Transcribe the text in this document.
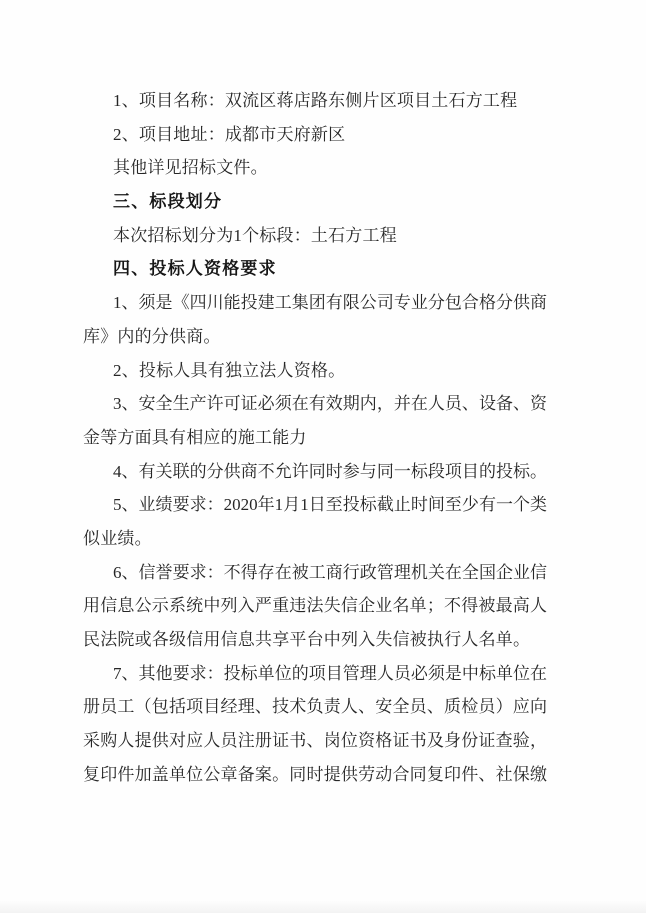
1、项目名称：双流区蒋店路东侧片区项目土石方工程
2、项目地址：成都市天府新区
其他详见招标文件。
三、标段划分
本次招标划分为1个标段：土石方工程
四、投标人资格要求
1、须是《四川能投建工集团有限公司专业分包合格分供商
库》内的分供商。
2、投标人具有独立法人资格。
3、安全生产许可证必须在有效期内，并在人员、设备、资
金等方面具有相应的施工能力
4、有关联的分供商不允许同时参与同一标段项目的投标。
5、业绩要求：2020年1月1日至投标截止时间至少有一个类
似业绩。
6、信誉要求：不得存在被工商行政管理机关在全国企业信
用信息公示系统中列入严重违法失信企业名单；不得被最高人
民法院或各级信用信息共享平台中列入失信被执行人名单。
7、其他要求：投标单位的项目管理人员必须是中标单位在
册员工（包括项目经理、技术负责人、安全员、质检员）应向
采购人提供对应人员注册证书、岗位资格证书及身份证查验，
复印件加盖单位公章备案。同时提供劳动合同复印件、社保缴
